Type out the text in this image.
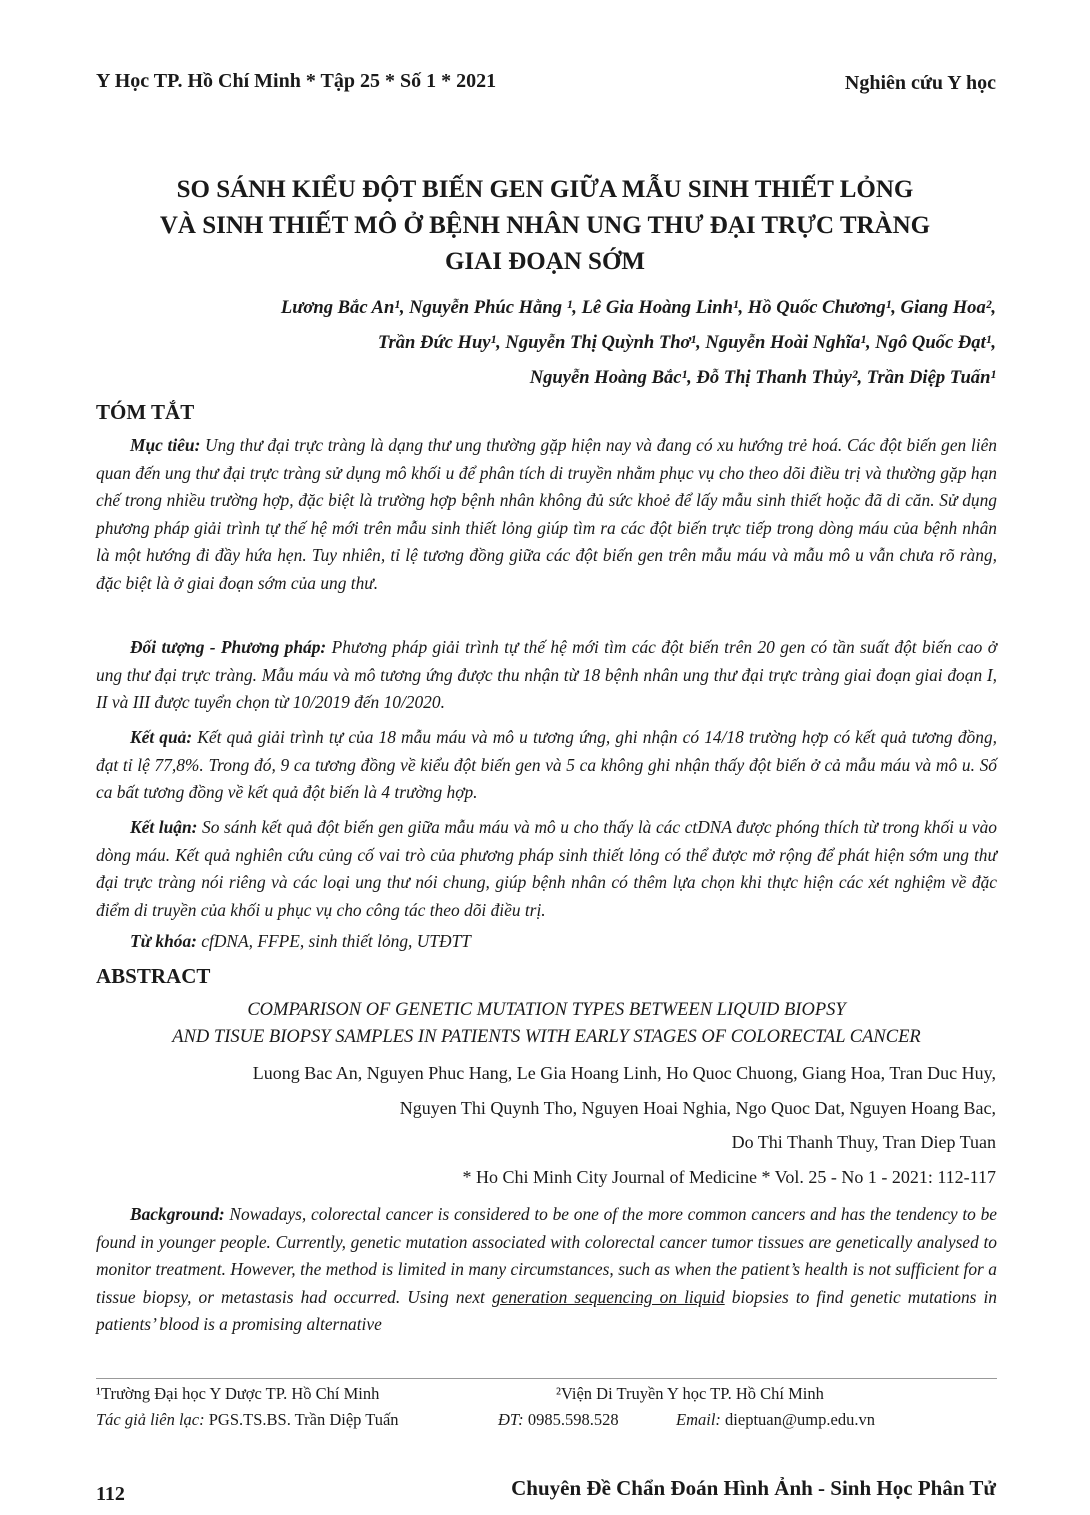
Y Học TP. Hồ Chí Minh * Tập 25 * Số 1 * 2021	Nghiên cứu Y học
SO SÁNH KIỂU ĐỘT BIẾN GEN GIỮA MẪU SINH THIẾT LỎNG
VÀ SINH THIẾT MÔ Ở BỆNH NHÂN UNG THƯ ĐẠI TRỰC TRÀNG
GIAI ĐOẠN SỚM
Lương Bắc An¹, Nguyễn Phúc Hằng ¹, Lê Gia Hoàng Linh¹, Hồ Quốc Chương¹, Giang Hoa²,
Trần Đức Huy¹, Nguyễn Thị Quỳnh Thơ¹, Nguyễn Hoài Nghĩa¹, Ngô Quốc Đạt¹,
Nguyễn Hoàng Bắc¹, Đỗ Thị Thanh Thủy², Trần Diệp Tuấn¹
TÓM TẮT

Mục tiêu: Ung thư đại trực tràng là dạng thư ung thường gặp hiện nay và đang có xu hướng trẻ hoá. Các đột biến gen liên quan đến ung thư đại trực tràng sử dụng mô khối u để phân tích di truyền nhằm phục vụ cho theo dõi điều trị và thường gặp hạn chế trong nhiều trường hợp, đặc biệt là trường hợp bệnh nhân không đủ sức khoẻ để lấy mẫu sinh thiết hoặc đã di căn. Sử dụng phương pháp giải trình tự thế hệ mới trên mẫu sinh thiết lỏng giúp tìm ra các đột biến trực tiếp trong dòng máu của bệnh nhân là một hướng đi đầy hứa hẹn. Tuy nhiên, tỉ lệ tương đồng giữa các đột biến gen trên mẫu máu và mẫu mô u vẫn chưa rõ ràng, đặc biệt là ở giai đoạn sớm của ung thư.

Đối tượng - Phương pháp: Phương pháp giải trình tự thế hệ mới tìm các đột biến trên 20 gen có tần suất đột biến cao ở ung thư đại trực tràng. Mẫu máu và mô tương ứng được thu nhận từ 18 bệnh nhân ung thư đại trực tràng giai đoạn giai đoạn I, II và III được tuyển chọn từ 10/2019 đến 10/2020.

Kết quả: Kết quả giải trình tự của 18 mẫu máu và mô u tương ứng, ghi nhận có 14/18 trường hợp có kết quả tương đồng, đạt tỉ lệ 77,8%. Trong đó, 9 ca tương đồng về kiểu đột biến gen và 5 ca không ghi nhận thấy đột biến ở cả mẫu máu và mô u. Số ca bất tương đồng về kết quả đột biến là 4 trường hợp.

Kết luận: So sánh kết quả đột biến gen giữa mẫu máu và mô u cho thấy là các ctDNA được phóng thích từ trong khối u vào dòng máu. Kết quả nghiên cứu củng cố vai trò của phương pháp sinh thiết lỏng có thể được mở rộng để phát hiện sớm ung thư đại trực tràng nói riêng và các loại ung thư nói chung, giúp bệnh nhân có thêm lựa chọn khi thực hiện các xét nghiệm về đặc điểm di truyền của khối u phục vụ cho công tác theo dõi điều trị.

Từ khóa: cfDNA, FFPE, sinh thiết lỏng, UTĐTT
ABSTRACT
COMPARISON OF GENETIC MUTATION TYPES BETWEEN LIQUID BIOPSY
AND TISUE BIOPSY SAMPLES IN PATIENTS WITH EARLY STAGES OF COLORECTAL CANCER
Luong Bac An, Nguyen Phuc Hang, Le Gia Hoang Linh, Ho Quoc Chuong, Giang Hoa, Tran Duc Huy,
Nguyen Thi Quynh Tho, Nguyen Hoai Nghia, Ngo Quoc Dat, Nguyen Hoang Bac,
Do Thi Thanh Thuy, Tran Diep Tuan
* Ho Chi Minh City Journal of Medicine * Vol. 25 - No 1 - 2021: 112-117

Background: Nowadays, colorectal cancer is considered to be one of the more common cancers and has the tendency to be found in younger people. Currently, genetic mutation associated with colorectal cancer tumor tissues are genetically analysed to monitor treatment. However, the method is limited in many circumstances, such as when the patient’s health is not sufficient for a tissue biopsy, or metastasis had occurred. Using next generation sequencing on liquid biopsies to find genetic mutations in patients’ blood is a promising alternative

¹Trường Đại học Y Dược TP. Hồ Chí Minh	²Viện Di Truyền Y học TP. Hồ Chí Minh
Tác giả liên lạc: PGS.TS.BS. Trần Diệp Tuấn	ĐT: 0985.598.528	Email: dieptuan@ump.edu.vn
112	Chuyên Đề Chẩn Đoán Hình Ảnh - Sinh Học Phân Tử
